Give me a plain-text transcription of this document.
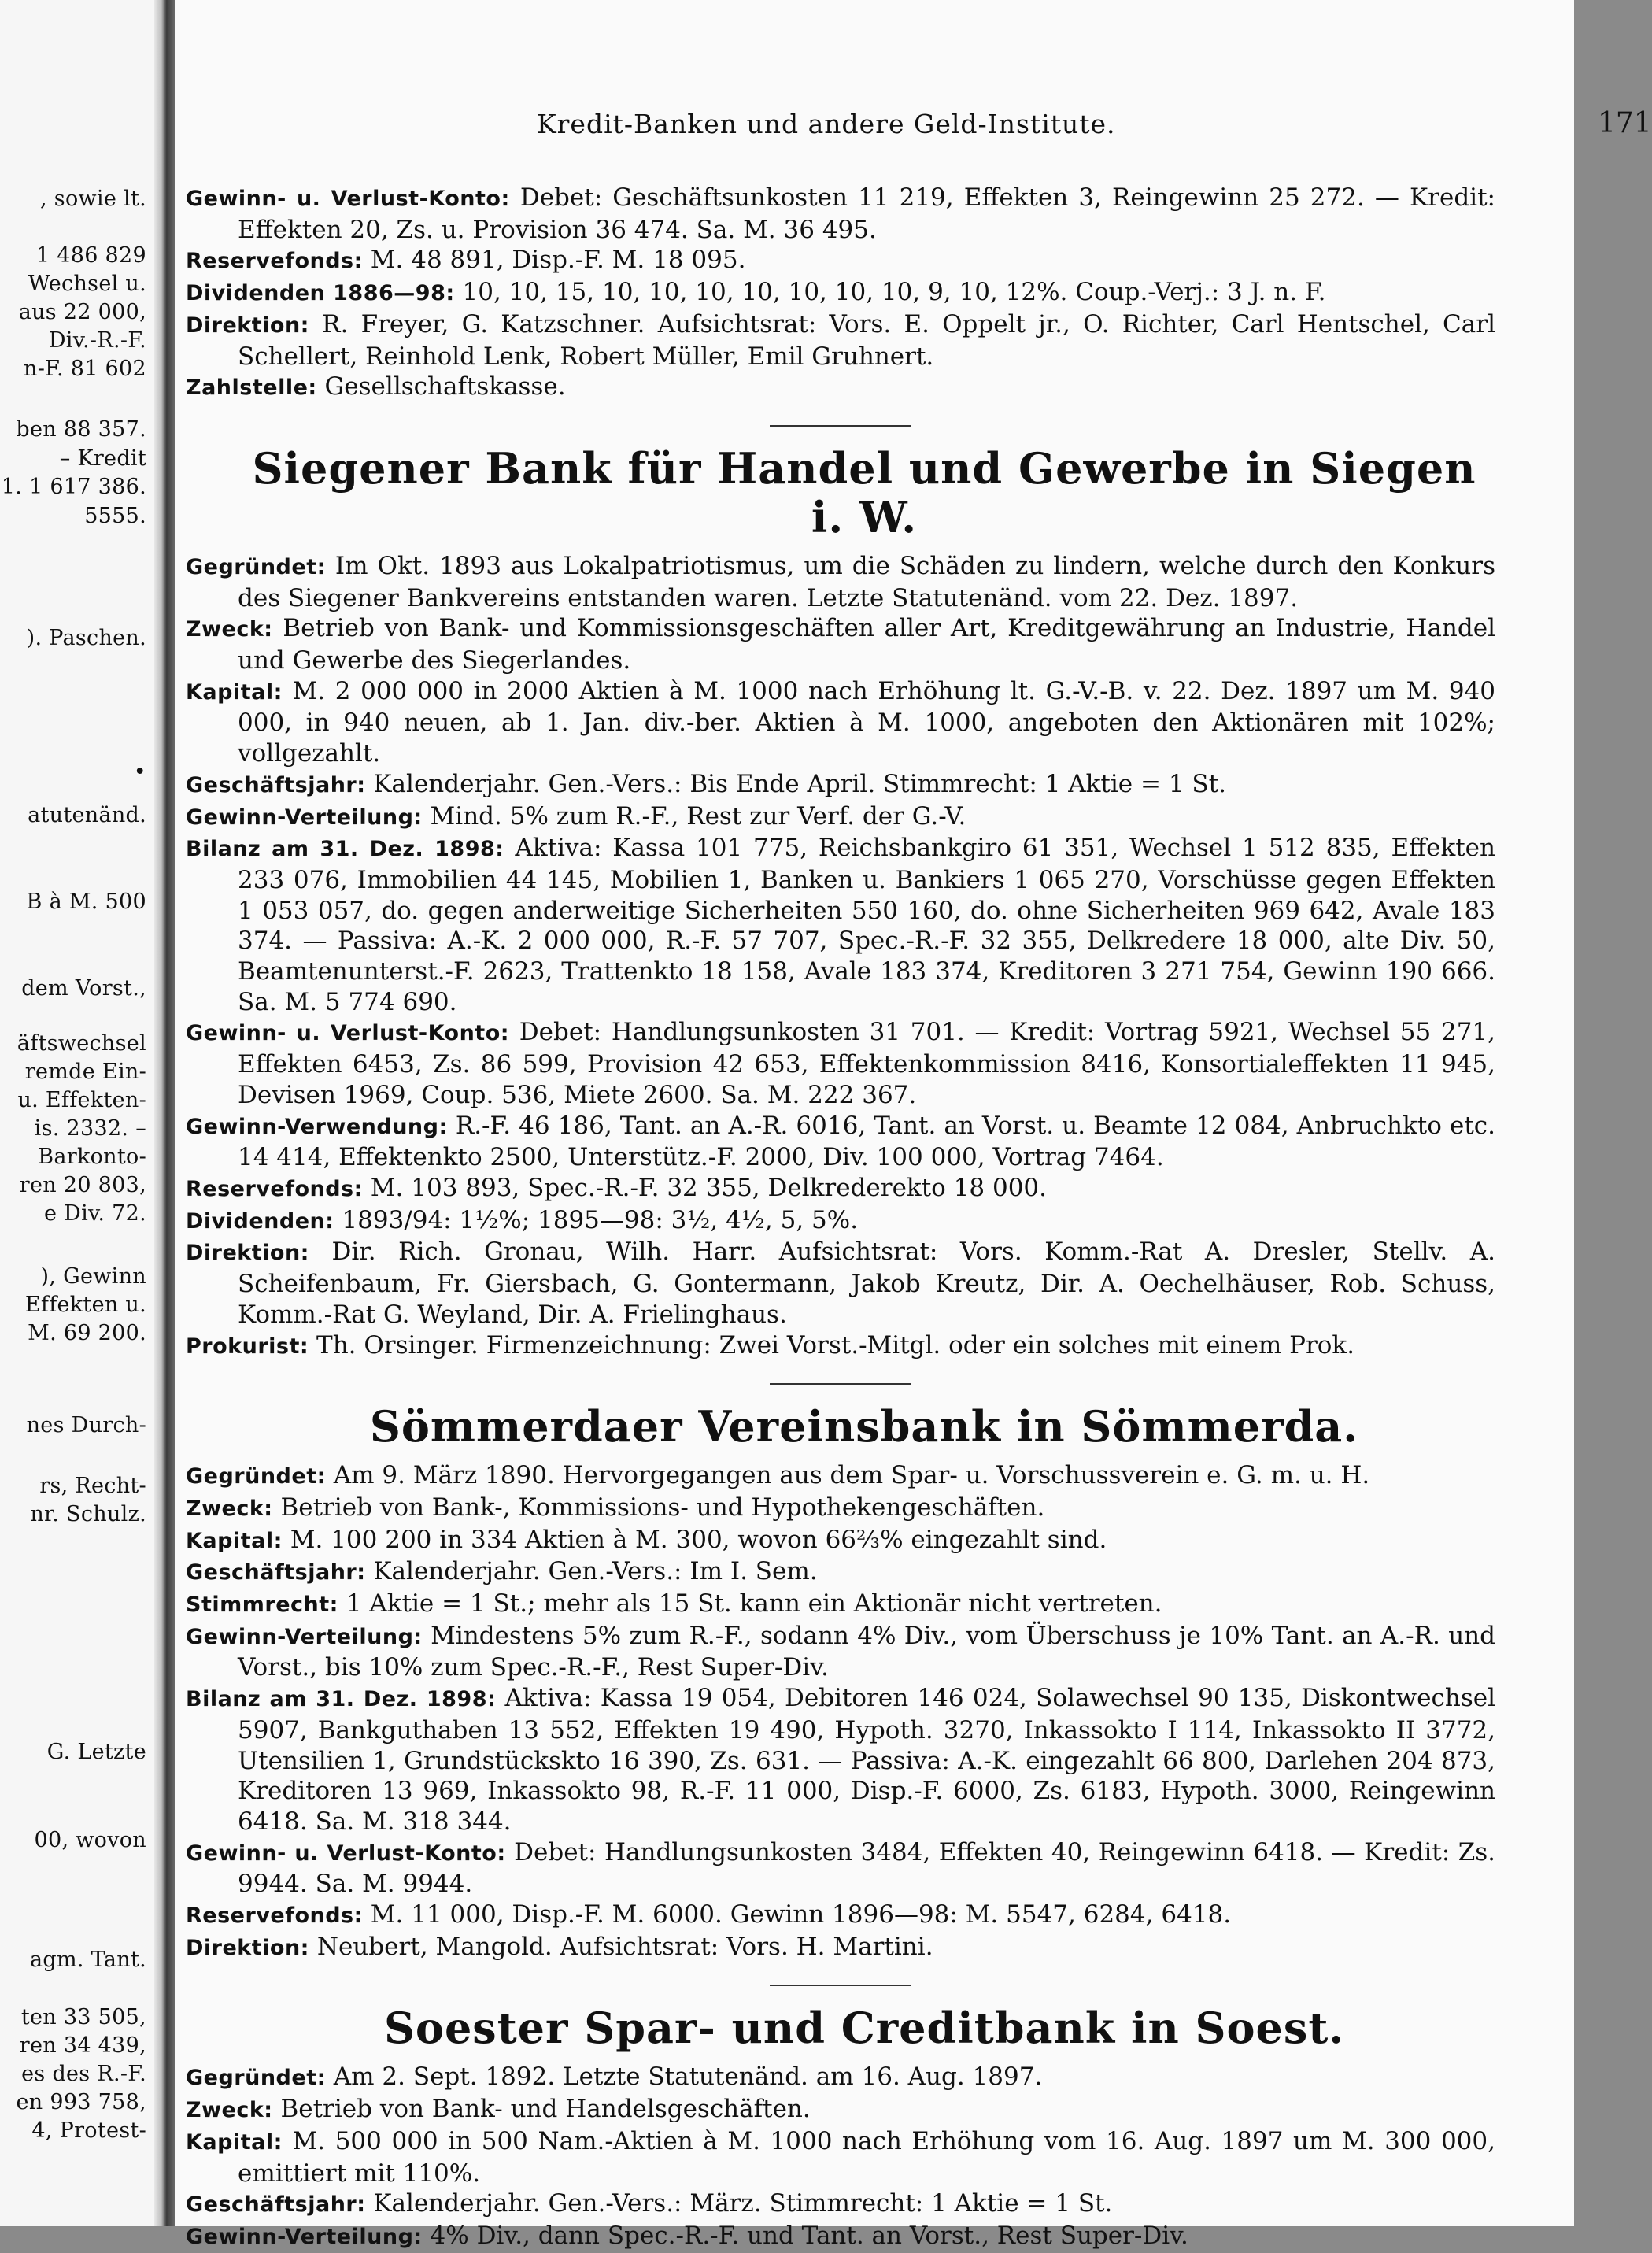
, sowie lt.
1 486 829
Wechsel u.
aus 22 000,
Div.-R.-F.
n-F. 81 602
ben 88 357.
– Kredit
1. 1 617 386.
5555.
). Paschen.
•
atutenänd.
B à M. 500
dem Vorst.,
äftswechsel
remde Ein-
u. Effekten-
is. 2332. –
Barkonto-
ren 20 803,
e Div. 72.
), Gewinn
Effekten u.
M. 69 200.
nes Durch-
rs, Recht-
nr. Schulz.
G. Letzte
00, wovon
agm. Tant.
ten 33 505,
ren 34 439,
es des R.-F.
en 993 758,
4, Protest-
Kredit-Banken und andere Geld-Institute.	171

Gewinn- u. Verlust-Konto: Debet: Geschäftsunkosten 11 219, Effekten 3, Reingewinn 25 272. — Kredit: Effekten 20, Zs. u. Provision 36 474. Sa. M. 36 495.

Reservefonds: M. 48 891, Disp.-F. M. 18 095.

Dividenden 1886—98: 10, 10, 15, 10, 10, 10, 10, 10, 10, 10, 9, 10, 12%. Coup.-Verj.: 3 J. n. F.

Direktion: R. Freyer, G. Katzschner. Aufsichtsrat: Vors. E. Oppelt jr., O. Richter, Carl Hentschel, Carl Schellert, Reinhold Lenk, Robert Müller, Emil Gruhnert.

Zahlstelle: Gesellschaftskasse.

Siegener Bank für Handel und Gewerbe in Siegen i. W.

Gegründet: Im Okt. 1893 aus Lokalpatriotismus, um die Schäden zu lindern, welche durch den Konkurs des Siegener Bankvereins entstanden waren. Letzte Statutenänd. vom 22. Dez. 1897.

Zweck: Betrieb von Bank- und Kommissionsgeschäften aller Art, Kreditgewährung an Industrie, Handel und Gewerbe des Siegerlandes.

Kapital: M. 2 000 000 in 2000 Aktien à M. 1000 nach Erhöhung lt. G.-V.-B. v. 22. Dez. 1897 um M. 940 000, in 940 neuen, ab 1. Jan. div.-ber. Aktien à M. 1000, angeboten den Aktionären mit 102%; vollgezahlt.

Geschäftsjahr: Kalenderjahr. Gen.-Vers.: Bis Ende April. Stimmrecht: 1 Aktie = 1 St.

Gewinn-Verteilung: Mind. 5% zum R.-F., Rest zur Verf. der G.-V.

Bilanz am 31. Dez. 1898: Aktiva: Kassa 101 775, Reichsbankgiro 61 351, Wechsel 1 512 835, Effekten 233 076, Immobilien 44 145, Mobilien 1, Banken u. Bankiers 1 065 270, Vorschüsse gegen Effekten 1 053 057, do. gegen anderweitige Sicherheiten 550 160, do. ohne Sicherheiten 969 642, Avale 183 374. — Passiva: A.-K. 2 000 000, R.-F. 57 707, Spec.-R.-F. 32 355, Delkredere 18 000, alte Div. 50, Beamtenunterst.-F. 2623, Trattenkto 18 158, Avale 183 374, Kreditoren 3 271 754, Gewinn 190 666. Sa. M. 5 774 690.

Gewinn- u. Verlust-Konto: Debet: Handlungsunkosten 31 701. — Kredit: Vortrag 5921, Wechsel 55 271, Effekten 6453, Zs. 86 599, Provision 42 653, Effektenkommission 8416, Konsortialeffekten 11 945, Devisen 1969, Coup. 536, Miete 2600. Sa. M. 222 367.

Gewinn-Verwendung: R.-F. 46 186, Tant. an A.-R. 6016, Tant. an Vorst. u. Beamte 12 084, Anbruchkto etc. 14 414, Effektenkto 2500, Unterstütz.-F. 2000, Div. 100 000, Vortrag 7464.

Reservefonds: M. 103 893, Spec.-R.-F. 32 355, Delkrederekto 18 000.

Dividenden: 1893/94: 1½%; 1895—98: 3½, 4½, 5, 5%.

Direktion: Dir. Rich. Gronau, Wilh. Harr. Aufsichtsrat: Vors. Komm.-Rat A. Dresler, Stellv. A. Scheifenbaum, Fr. Giersbach, G. Gontermann, Jakob Kreutz, Dir. A. Oechelhäuser, Rob. Schuss, Komm.-Rat G. Weyland, Dir. A. Frielinghaus.

Prokurist: Th. Orsinger. Firmenzeichnung: Zwei Vorst.-Mitgl. oder ein solches mit einem Prok.

Sömmerdaer Vereinsbank in Sömmerda.

Gegründet: Am 9. März 1890. Hervorgegangen aus dem Spar- u. Vorschussverein e. G. m. u. H.

Zweck: Betrieb von Bank-, Kommissions- und Hypothekengeschäften.

Kapital: M. 100 200 in 334 Aktien à M. 300, wovon 66⅔% eingezahlt sind.

Geschäftsjahr: Kalenderjahr. Gen.-Vers.: Im I. Sem.

Stimmrecht: 1 Aktie = 1 St.; mehr als 15 St. kann ein Aktionär nicht vertreten.

Gewinn-Verteilung: Mindestens 5% zum R.-F., sodann 4% Div., vom Überschuss je 10% Tant. an A.-R. und Vorst., bis 10% zum Spec.-R.-F., Rest Super-Div.

Bilanz am 31. Dez. 1898: Aktiva: Kassa 19 054, Debitoren 146 024, Solawechsel 90 135, Diskontwechsel 5907, Bankguthaben 13 552, Effekten 19 490, Hypoth. 3270, Inkassokto I 114, Inkassokto II 3772, Utensilien 1, Grundstückskto 16 390, Zs. 631. — Passiva: A.-K. eingezahlt 66 800, Darlehen 204 873, Kreditoren 13 969, Inkassokto 98, R.-F. 11 000, Disp.-F. 6000, Zs. 6183, Hypoth. 3000, Reingewinn 6418. Sa. M. 318 344.

Gewinn- u. Verlust-Konto: Debet: Handlungsunkosten 3484, Effekten 40, Reingewinn 6418. — Kredit: Zs. 9944. Sa. M. 9944.

Reservefonds: M. 11 000, Disp.-F. M. 6000. Gewinn 1896—98: M. 5547, 6284, 6418.

Direktion: Neubert, Mangold. Aufsichtsrat: Vors. H. Martini.

Soester Spar- und Creditbank in Soest.

Gegründet: Am 2. Sept. 1892. Letzte Statutenänd. am 16. Aug. 1897.

Zweck: Betrieb von Bank- und Handelsgeschäften.

Kapital: M. 500 000 in 500 Nam.-Aktien à M. 1000 nach Erhöhung vom 16. Aug. 1897 um M. 300 000, emittiert mit 110%.

Geschäftsjahr: Kalenderjahr. Gen.-Vers.: März. Stimmrecht: 1 Aktie = 1 St.

Gewinn-Verteilung: 4% Div., dann Spec.-R.-F. und Tant. an Vorst., Rest Super-Div.
